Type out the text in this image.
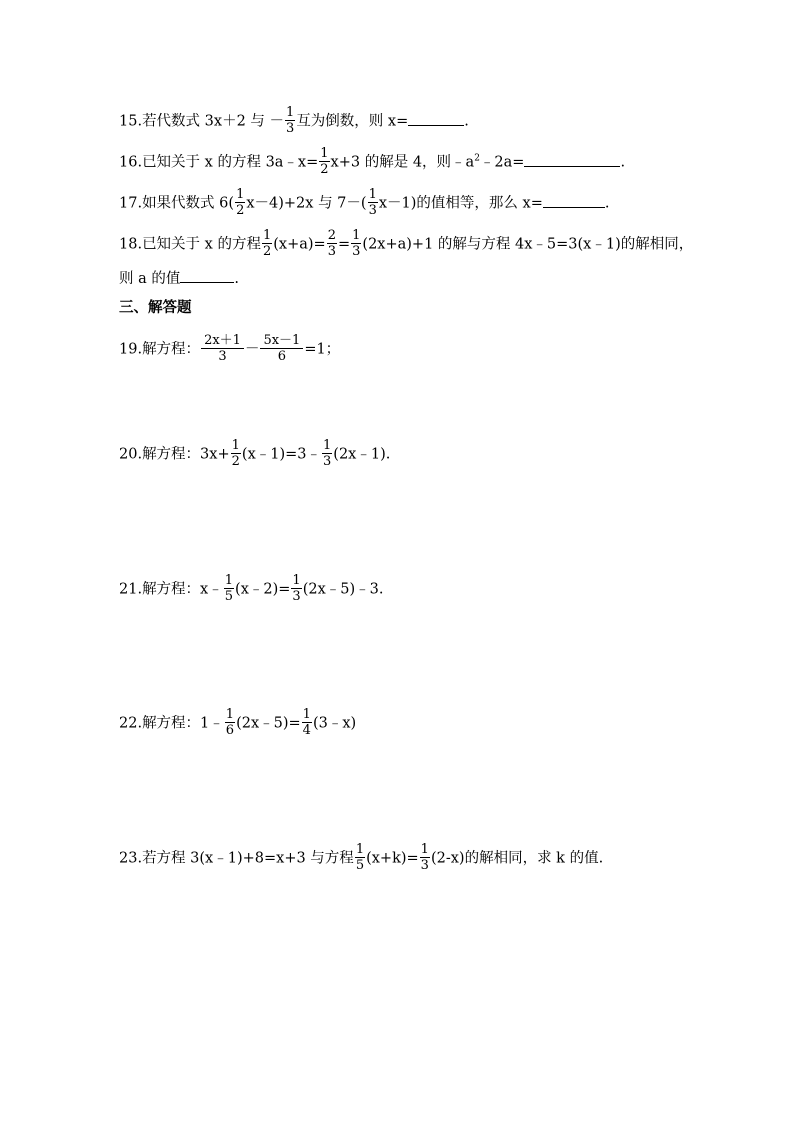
15.若代数式 3x＋2 与 － $\frac{1}{3}$ 互为倒数，则 x=	.
16.已知关于 x 的方程 3a﹣x= $\frac{1}{2} x+3$ 的解是 4，则$﹣a^2﹣2a=$	.
17.如果代数式 $6( \frac{1}{2} x-4)+2x$ 与 $7-( \frac{1}{3} x-1)$的值相等，那么 x=	.
18.已知关于 x 的方程 $\frac{1}{2} (x+a)= \frac{2}{3} = \frac{1}{3} (2x+a)+1$ 的解与方程 4x﹣5=3(x﹣1)的解相同，
则 a 的值	.
三、解答题
19.解方程： $\frac{2x+1}{3} - \frac{5x-1}{6} =1$；
20.解方程：$3x+ \frac{1}{2}$ (x﹣1)=3﹣ $\frac{1}{3}$ (2x﹣1).
21.解方程：x﹣ $\frac{1}{5}$ (x﹣2)= $\frac{1}{3}$ (2x﹣5)﹣3.
22.解方程：1﹣ $\frac{1}{6}$ (2x﹣5)= $\frac{1}{4}$ (3﹣x)
23.若方程 3(x﹣1)+8=x+3 与方程 $\frac{1}{5} (x+k)= \frac{1}{3} (2-x)$的解相同，求 k 的值.
